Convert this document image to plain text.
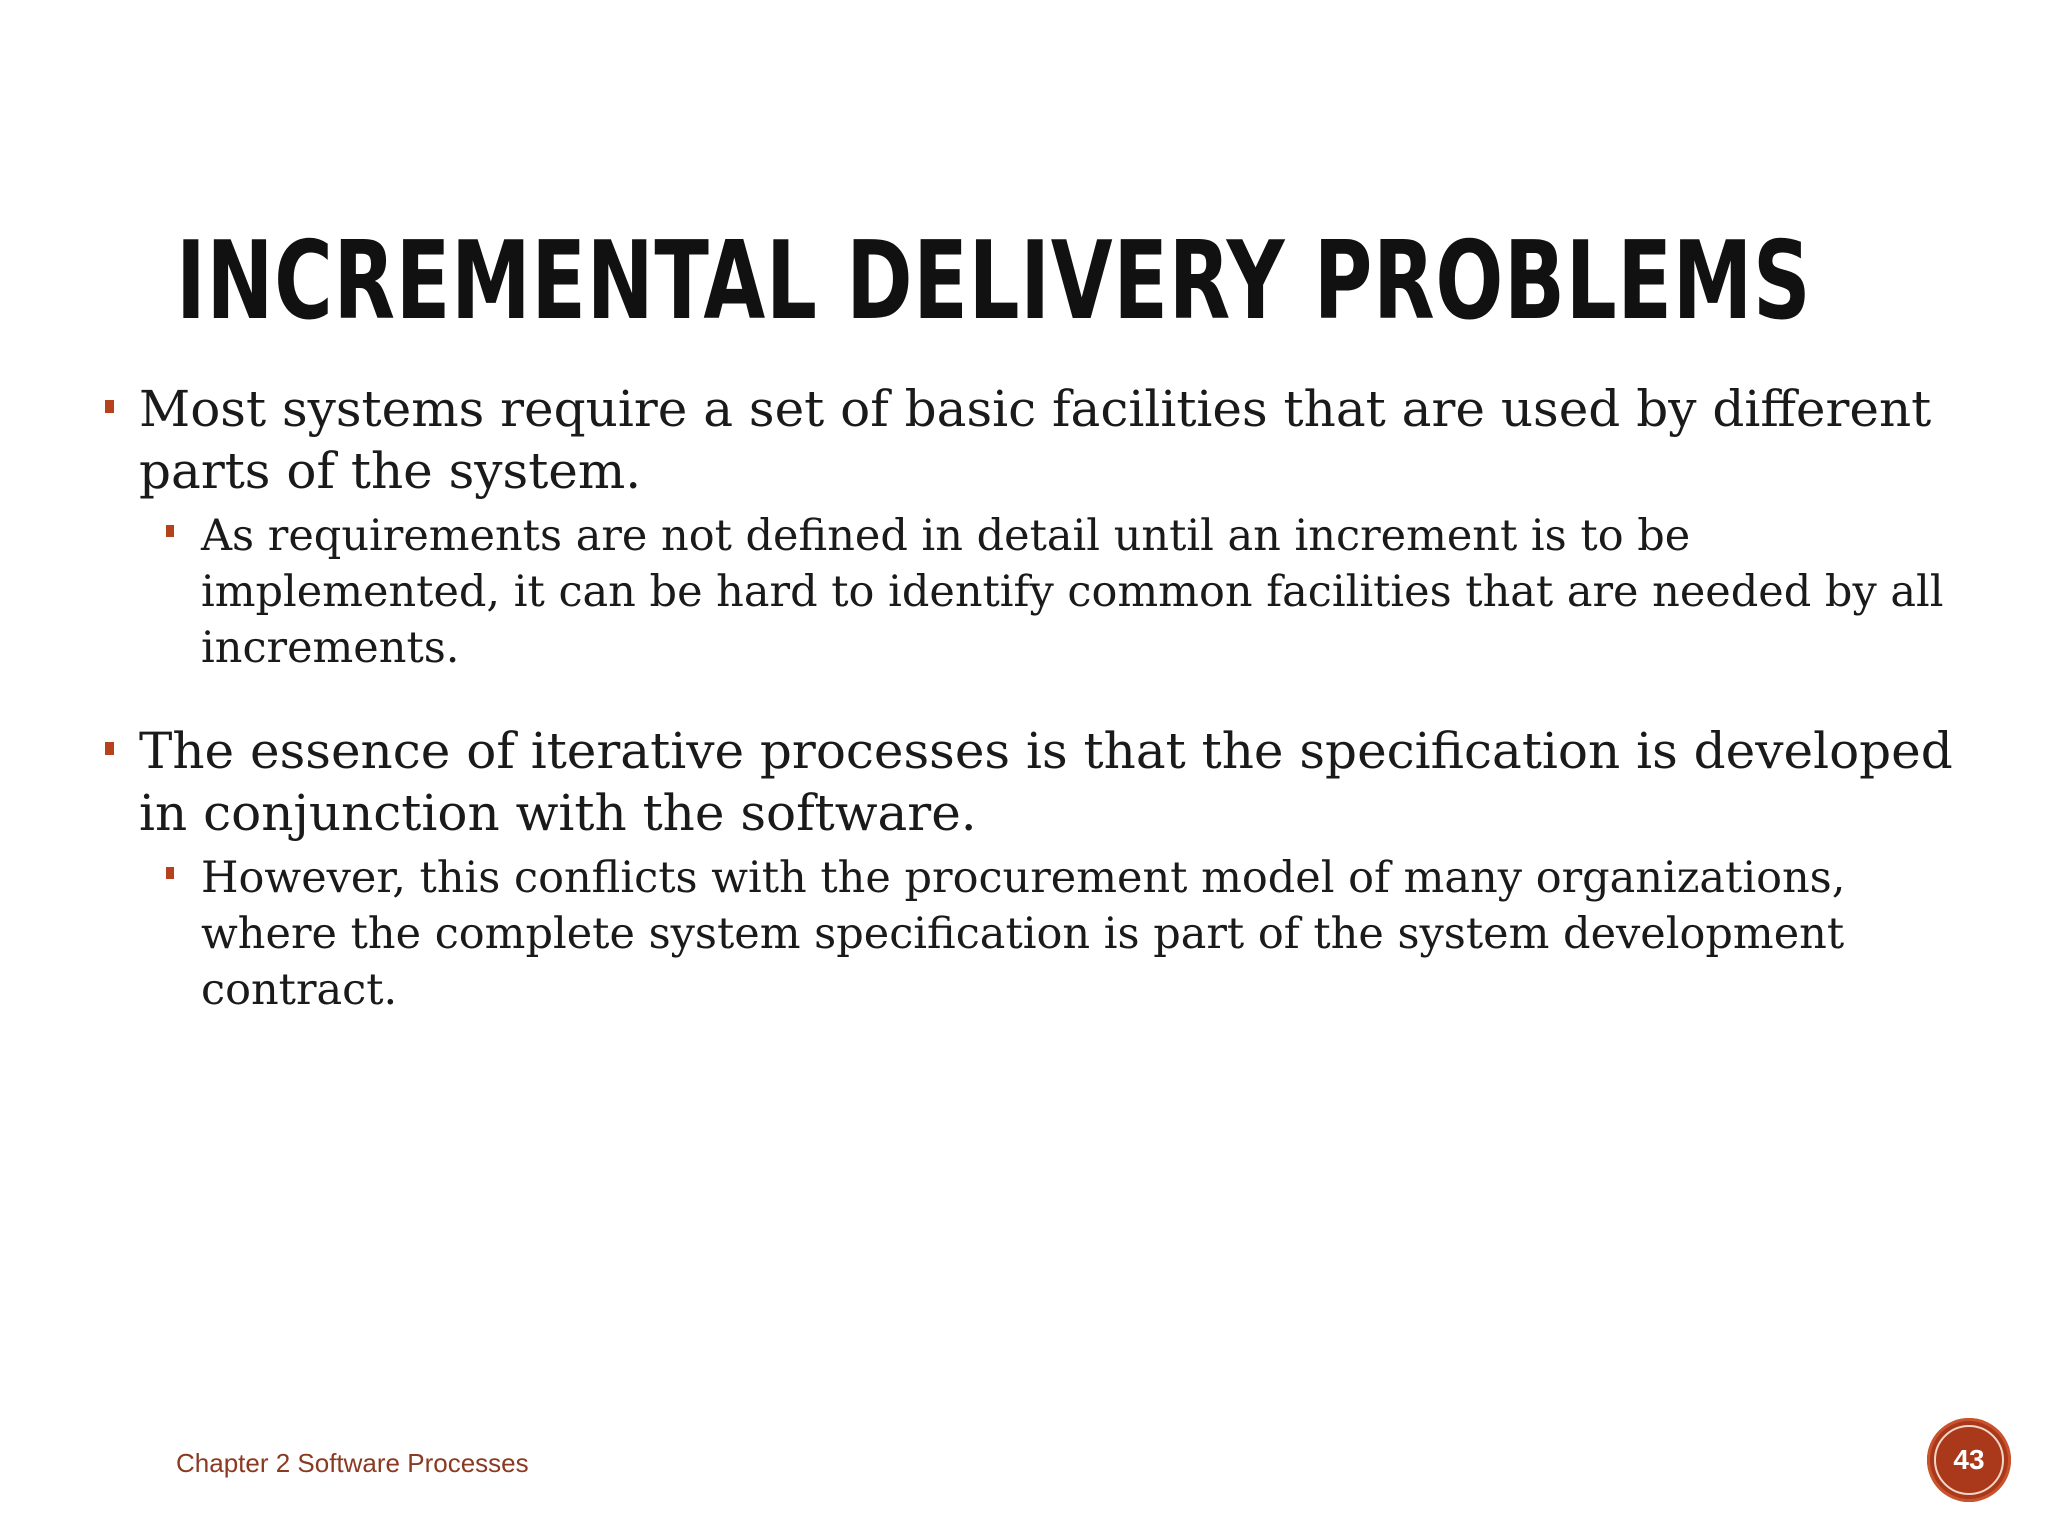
INCREMENTAL DELIVERY PROBLEMS
Most systems require a set of basic facilities that are used by different parts of the system.
As requirements are not defined in detail until an increment is to be implemented, it can be hard to identify common facilities that are needed by all increments.
The essence of iterative processes is that the specification is developed in conjunction with the software.
However, this conflicts with the procurement model of many organizations, where the complete system specification is part of the system development contract.
Chapter 2 Software Processes	43
